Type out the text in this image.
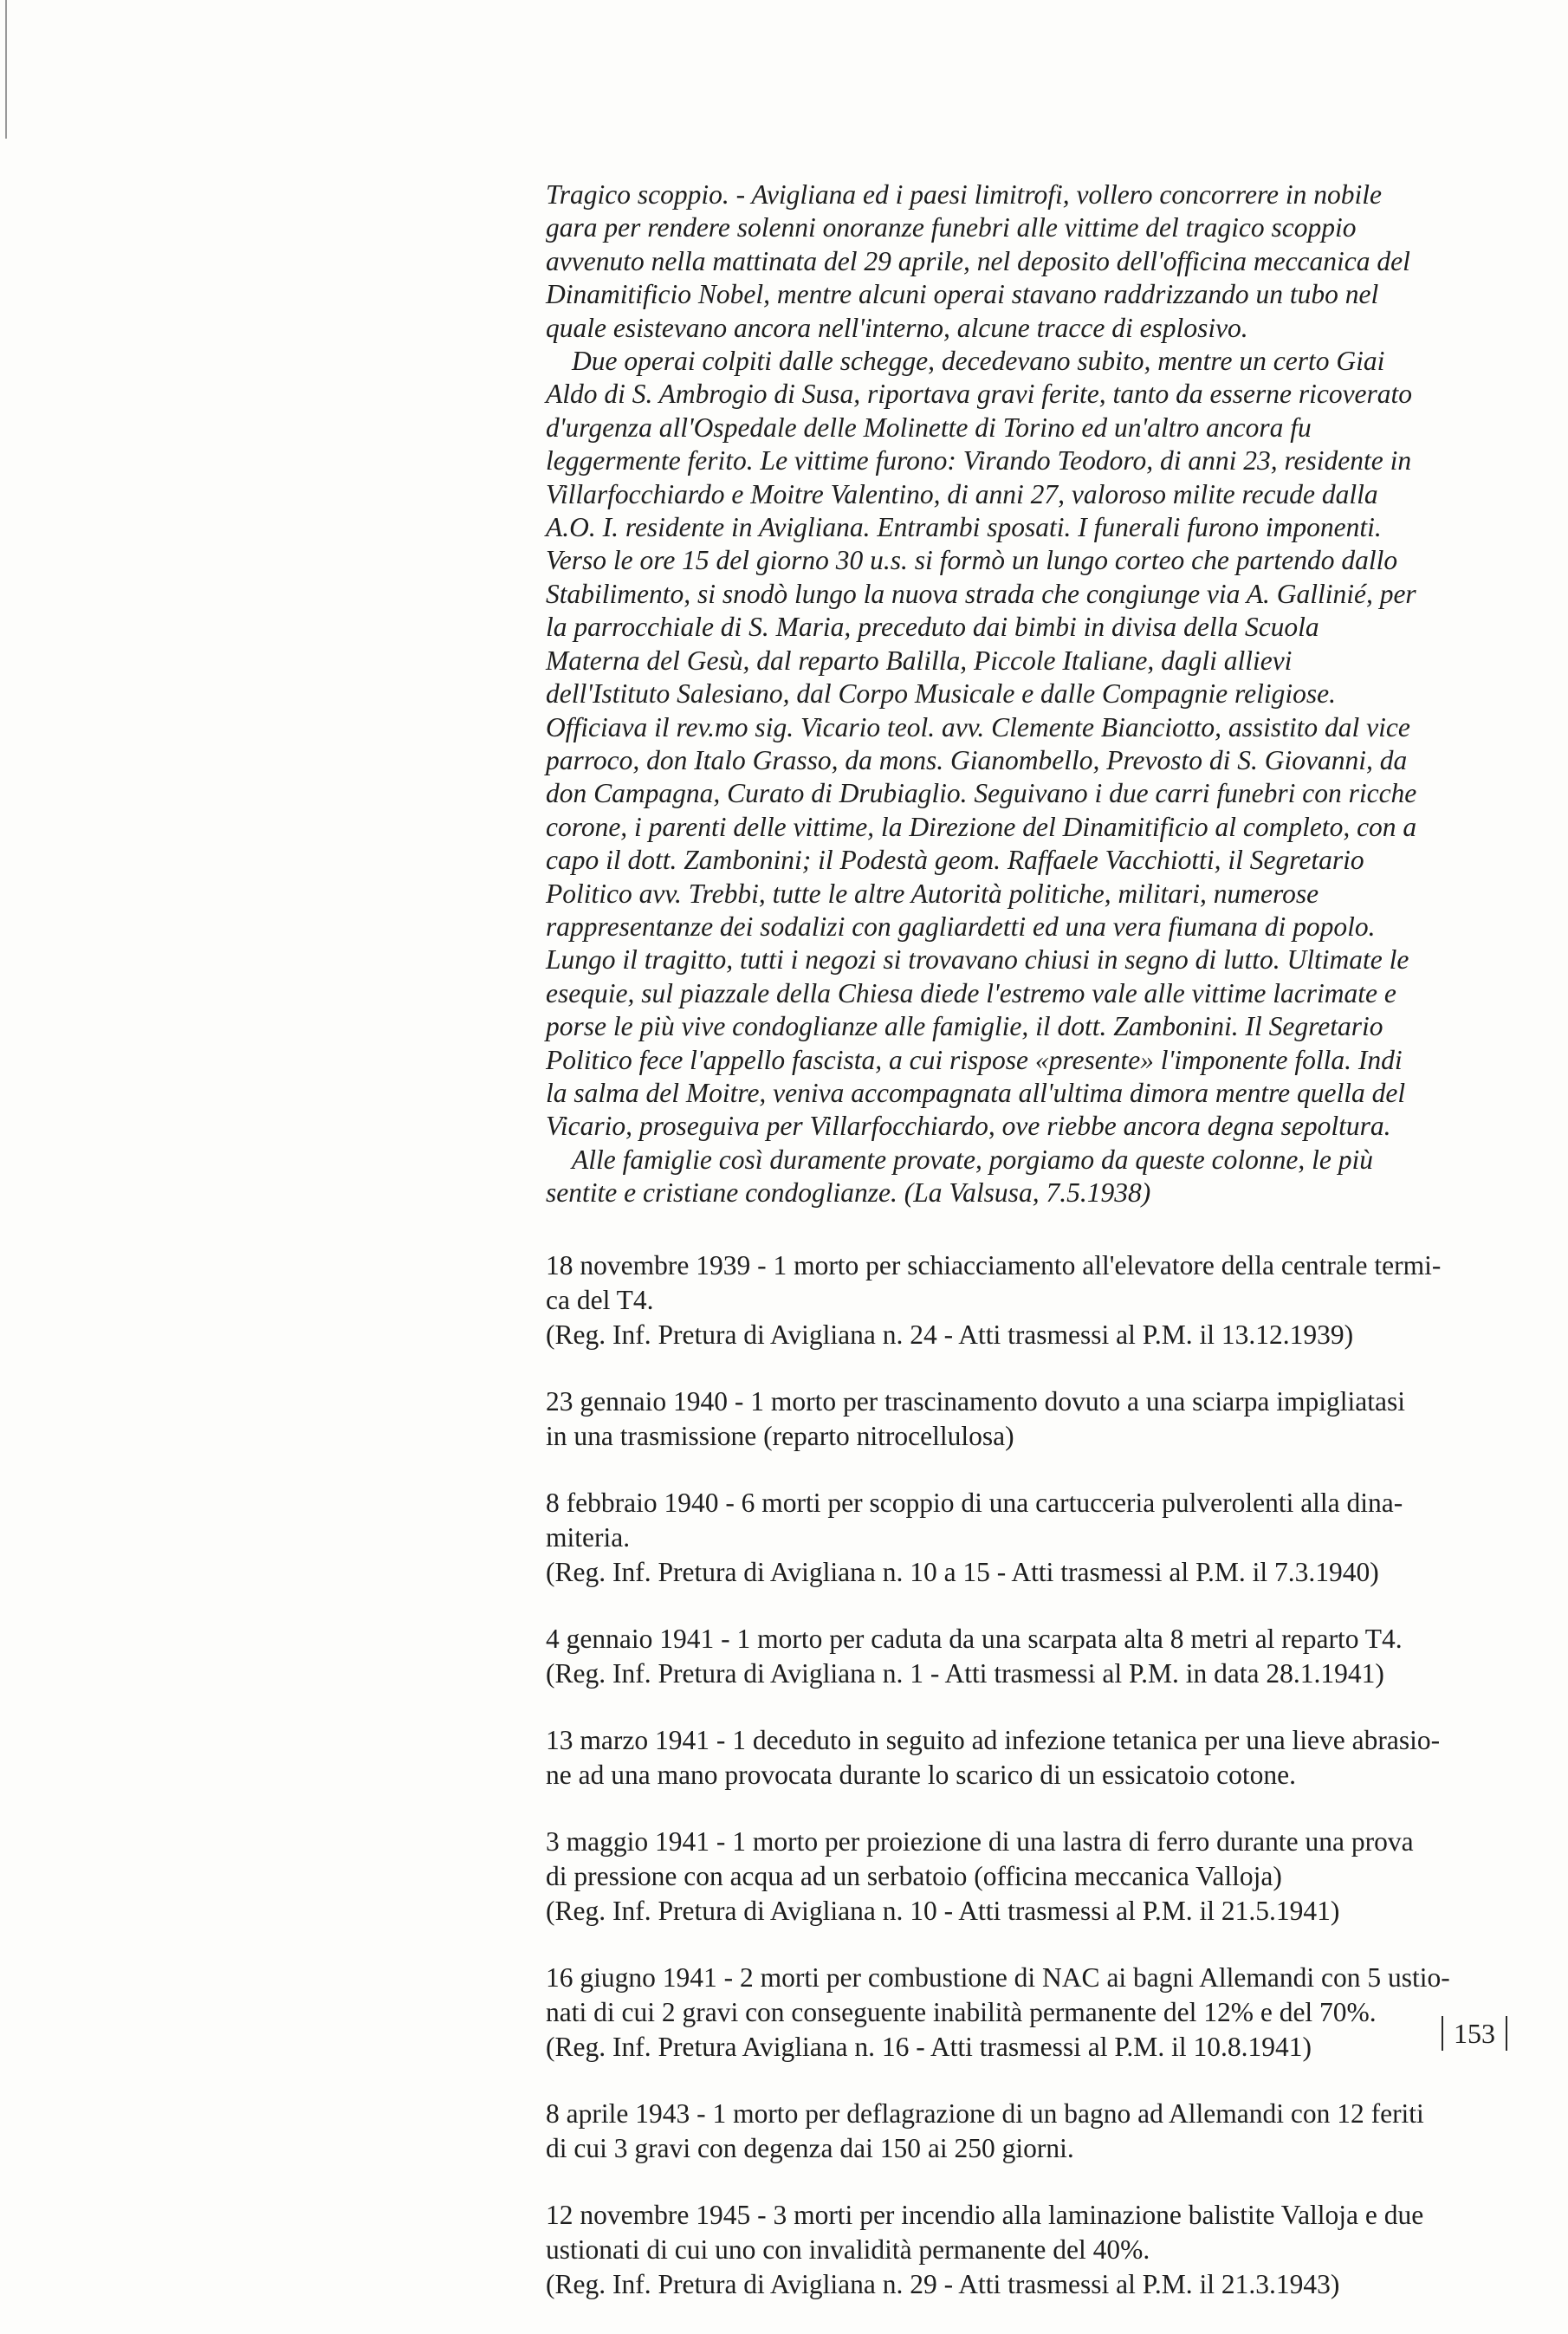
Tragico scoppio. - Avigliana ed i paesi limitrofi, vollero concorrere in nobile gara per rendere solenni onoranze funebri alle vittime del tragico scoppio avvenuto nella mattinata del 29 aprile, nel deposito dell'officina meccanica del Dinamitificio Nobel, mentre alcuni operai stavano raddrizzando un tubo nel quale esistevano ancora nell'interno, alcune tracce di esplosivo.

Due operai colpiti dalle schegge, decedevano subito, mentre un certo Giai Aldo di S. Ambrogio di Susa, riportava gravi ferite, tanto da esserne ricoverato d'urgenza all'Ospedale delle Molinette di Torino ed un'altro ancora fu leggermente ferito. Le vittime furono: Virando Teodoro, di anni 23, residente in Villarfocchiardo e Moitre Valentino, di anni 27, valoroso milite recude dalla A.O. I. residente in Avigliana. Entrambi sposati. I funerali furono imponenti. Verso le ore 15 del giorno 30 u.s. si formò un lungo corteo che partendo dallo Stabilimento, si snodò lungo la nuova strada che congiunge via A. Gallinié, per la parrocchiale di S. Maria, preceduto dai bimbi in divisa della Scuola Materna del Gesù, dal reparto Balilla, Piccole Italiane, dagli allievi dell'Istituto Salesiano, dal Corpo Musicale e dalle Compagnie religiose. Officiava il rev.mo sig. Vicario teol. avv. Clemente Bianciotto, assistito dal vice parroco, don Italo Grasso, da mons. Gianombello, Prevosto di S. Giovanni, da don Campagna, Curato di Drubiaglio. Seguivano i due carri funebri con ricche corone, i parenti delle vittime, la Direzione del Dinamitificio al completo, con a capo il dott. Zambonini; il Podestà geom. Raffaele Vacchiotti, il Segretario Politico avv. Trebbi, tutte le altre Autorità politiche, militari, numerose rappresentanze dei sodalizi con gagliardetti ed una vera fiumana di popolo. Lungo il tragitto, tutti i negozi si trovavano chiusi in segno di lutto. Ultimate le esequie, sul piazzale della Chiesa diede l'estremo vale alle vittime lacrimate e porse le più vive condoglianze alle famiglie, il dott. Zambonini. Il Segretario Politico fece l'appello fascista, a cui rispose «presente» l'imponente folla. Indi la salma del Moitre, veniva accompagnata all'ultima dimora mentre quella del Vicario, proseguiva per Villarfocchiardo, ove riebbe ancora degna sepoltura.

Alle famiglie così duramente provate, porgiamo da queste colonne, le più sentite e cristiane condoglianze. (La Valsusa, 7.5.1938)

18 novembre 1939 - 1 morto per schiacciamento all'elevatore della centrale termi-
ca del T4.
(Reg. Inf. Pretura di Avigliana n. 24 - Atti trasmessi al P.M. il 13.12.1939)
23 gennaio 1940 - 1 morto per trascinamento dovuto a una sciarpa impigliatasi
in una trasmissione (reparto nitrocellulosa)
8 febbraio 1940 - 6 morti per scoppio di una cartucceria pulverolenti alla dina-
miteria.
(Reg. Inf. Pretura di Avigliana n. 10 a 15 - Atti trasmessi al P.M. il 7.3.1940)
4 gennaio 1941 - 1 morto per caduta da una scarpata alta 8 metri al reparto T4.
(Reg. Inf. Pretura di Avigliana n. 1 - Atti trasmessi al P.M. in data 28.1.1941)
13 marzo 1941 - 1 deceduto in seguito ad infezione tetanica per una lieve abrasio-
ne ad una mano provocata durante lo scarico di un essicatoio cotone.
3 maggio 1941 - 1 morto per proiezione di una lastra di ferro durante una prova
di pressione con acqua ad un serbatoio (officina meccanica Valloja)
(Reg. Inf. Pretura di Avigliana n. 10 - Atti trasmessi al P.M. il 21.5.1941)
16 giugno 1941 - 2 morti per combustione di NAC ai bagni Allemandi con 5 ustio-
nati di cui 2 gravi con conseguente inabilità permanente del 12% e del 70%.
(Reg. Inf. Pretura Avigliana n. 16 - Atti trasmessi al P.M. il 10.8.1941)
8 aprile 1943 - 1 morto per deflagrazione di un bagno ad Allemandi con 12 feriti
di cui 3 gravi con degenza dai 150 ai 250 giorni.
12 novembre 1945 - 3 morti per incendio alla laminazione balistite Valloja e due
ustionati di cui uno con invalidità permanente del 40%.
(Reg. Inf. Pretura di Avigliana n. 29 - Atti trasmessi al P.M. il 21.3.1943)
153
